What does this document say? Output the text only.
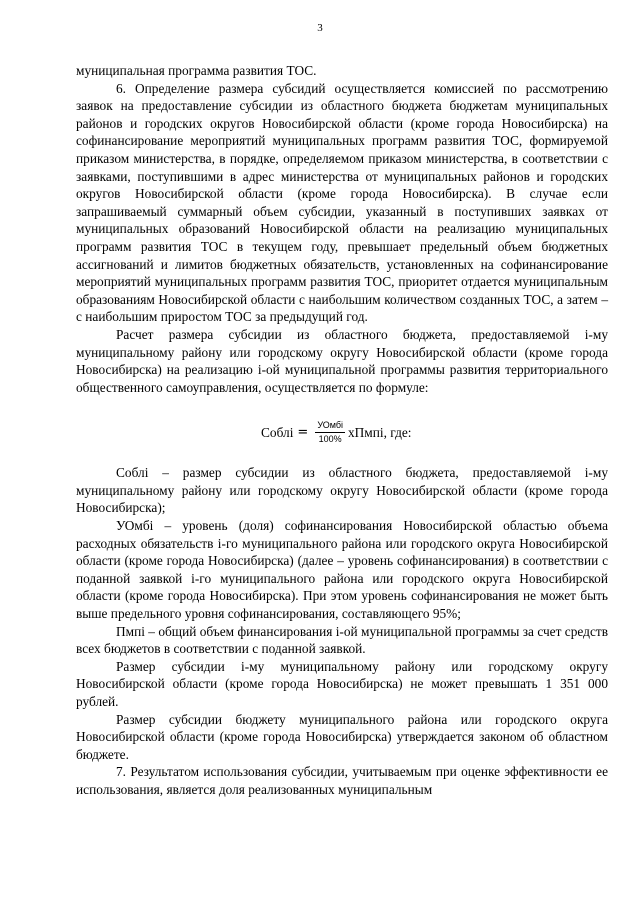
3

муниципальная программа развития ТОС.

6. Определение размера субсидий осуществляется комиссией по рассмотрению заявок на предоставление субсидии из областного бюджета бюджетам муниципальных районов и городских округов Новосибирской области (кроме города Новосибирска) на софинансирование мероприятий муниципальных программ развития ТОС, формируемой приказом министерства, в порядке, определяемом приказом министерства, в соответствии с заявками, поступившими в адрес министерства от муниципальных районов и городских округов Новосибирской области (кроме города Новосибирска). В случае если запрашиваемый суммарный объем субсидии, указанный в поступивших заявках от муниципальных образований Новосибирской области на реализацию муниципальных программ развития ТОС в текущем году, превышает предельный объем бюджетных ассигнований и лимитов бюджетных обязательств, установленных на софинансирование мероприятий муниципальных программ развития ТОС, приоритет отдается муниципальным образованиям Новосибирской области с наибольшим количеством созданных ТОС, а затем – с наибольшим приростом ТОС за предыдущий год.

Расчет размера субсидии из областного бюджета, предоставляемой i-му муниципальному району или городскому округу Новосибирской области (кроме города Новосибирска) на реализацию i-ой муниципальной программы развития территориального общественного самоуправления, осуществляется по формуле:

Соблi = $\frac{\text{УОмбi}}{100\%}$ хПмпi, где:

Соблi – размер субсидии из областного бюджета, предоставляемой i-му муниципальному району или городскому округу Новосибирской области (кроме города Новосибирска);

УОмбi – уровень (доля) софинансирования Новосибирской областью объема расходных обязательств i-го муниципального района или городского округа Новосибирской области (кроме города Новосибирска) (далее – уровень софинансирования) в соответствии с поданной заявкой i-го муниципального района или городского округа Новосибирской области (кроме города Новосибирска). При этом уровень софинансирования не может быть выше предельного уровня софинансирования, составляющего 95%;

Пмпi – общий объем финансирования i-ой муниципальной программы за счет средств всех бюджетов в соответствии с поданной заявкой.

Размер субсидии i-му муниципальному району или городскому округу Новосибирской области (кроме города Новосибирска) не может превышать 1 351 000 рублей.

Размер субсидии бюджету муниципального района или городского округа Новосибирской области (кроме города Новосибирска) утверждается законом об областном бюджете.

7. Результатом использования субсидии, учитываемым при оценке эффективности ее использования, является доля реализованных муниципальным
